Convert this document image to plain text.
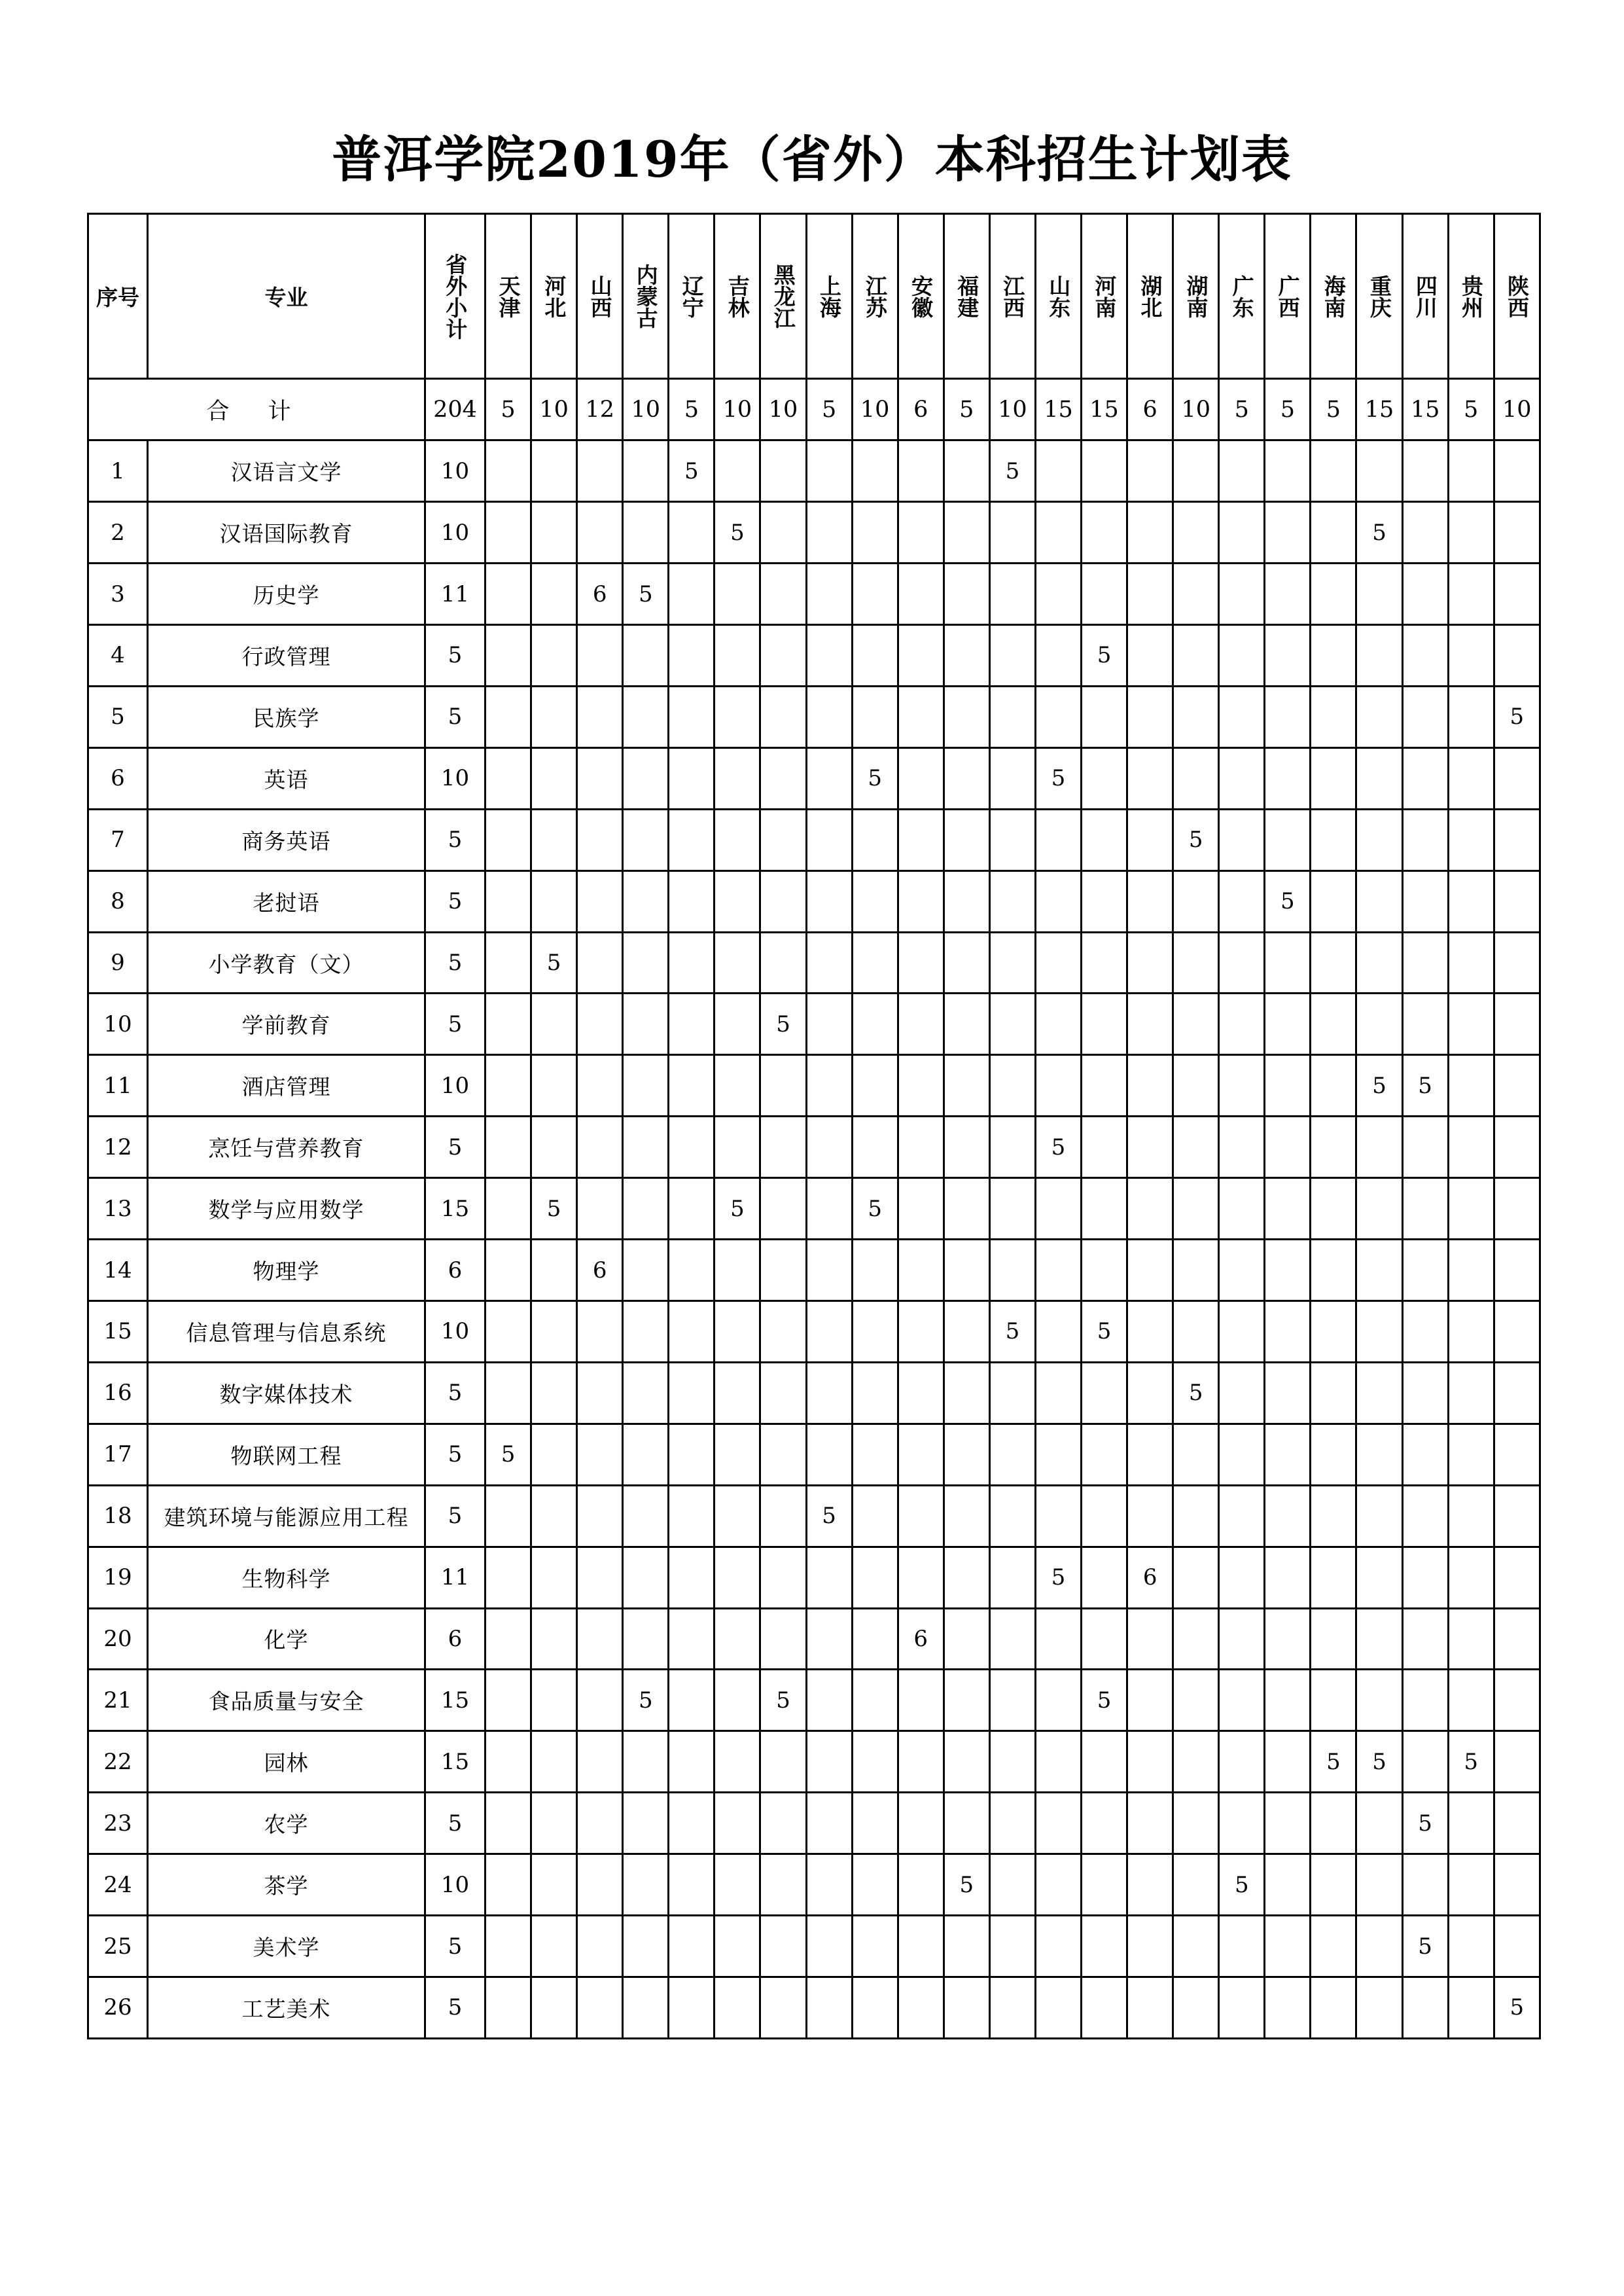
普洱学院2019年（省外）本科招生计划表
序号	专业	省外小计	天津	河北	山西	内蒙古	辽宁	吉林	黑龙江	上海	江苏	安徽	福建	江西	山东	河南	湖北	湖南	广东	广西	海南	重庆	四川	贵州	陕西

合 计		204	5	10	12	10	5	10	10	5	10	6	5	10	15	15	6	10	5	5	5	15	15	5	10
1	汉语言文学	10					5							5											
2	汉语国际教育	10						5														5			
3	历史学	11			6	5																			
4	行政管理	5														5									
5	民族学	5																							5
6	英语	10									5				5										
7	商务英语	5																5							
8	老挝语	5																		5					
9	小学教育（文）	5		5																					
10	学前教育	5							5																
11	酒店管理	10																				5	5		
12	烹饪与营养教育	5													5										
13	数学与应用数学	15		5				5			5														
14	物理学	6			6																				
15	信息管理与信息系统	10												5		5									
16	数字媒体技术	5																5							
17	物联网工程	5	5																						
18	建筑环境与能源应用工程	5								5															
19	生物科学	11													5		6								
20	化学	6										6													
21	食品质量与安全	15				5			5							5									
22	园林	15																			5	5		5	
23	农学	5																					5		
24	茶学	10											5						5						
25	美术学	5																					5		
26	工艺美术	5																							5
